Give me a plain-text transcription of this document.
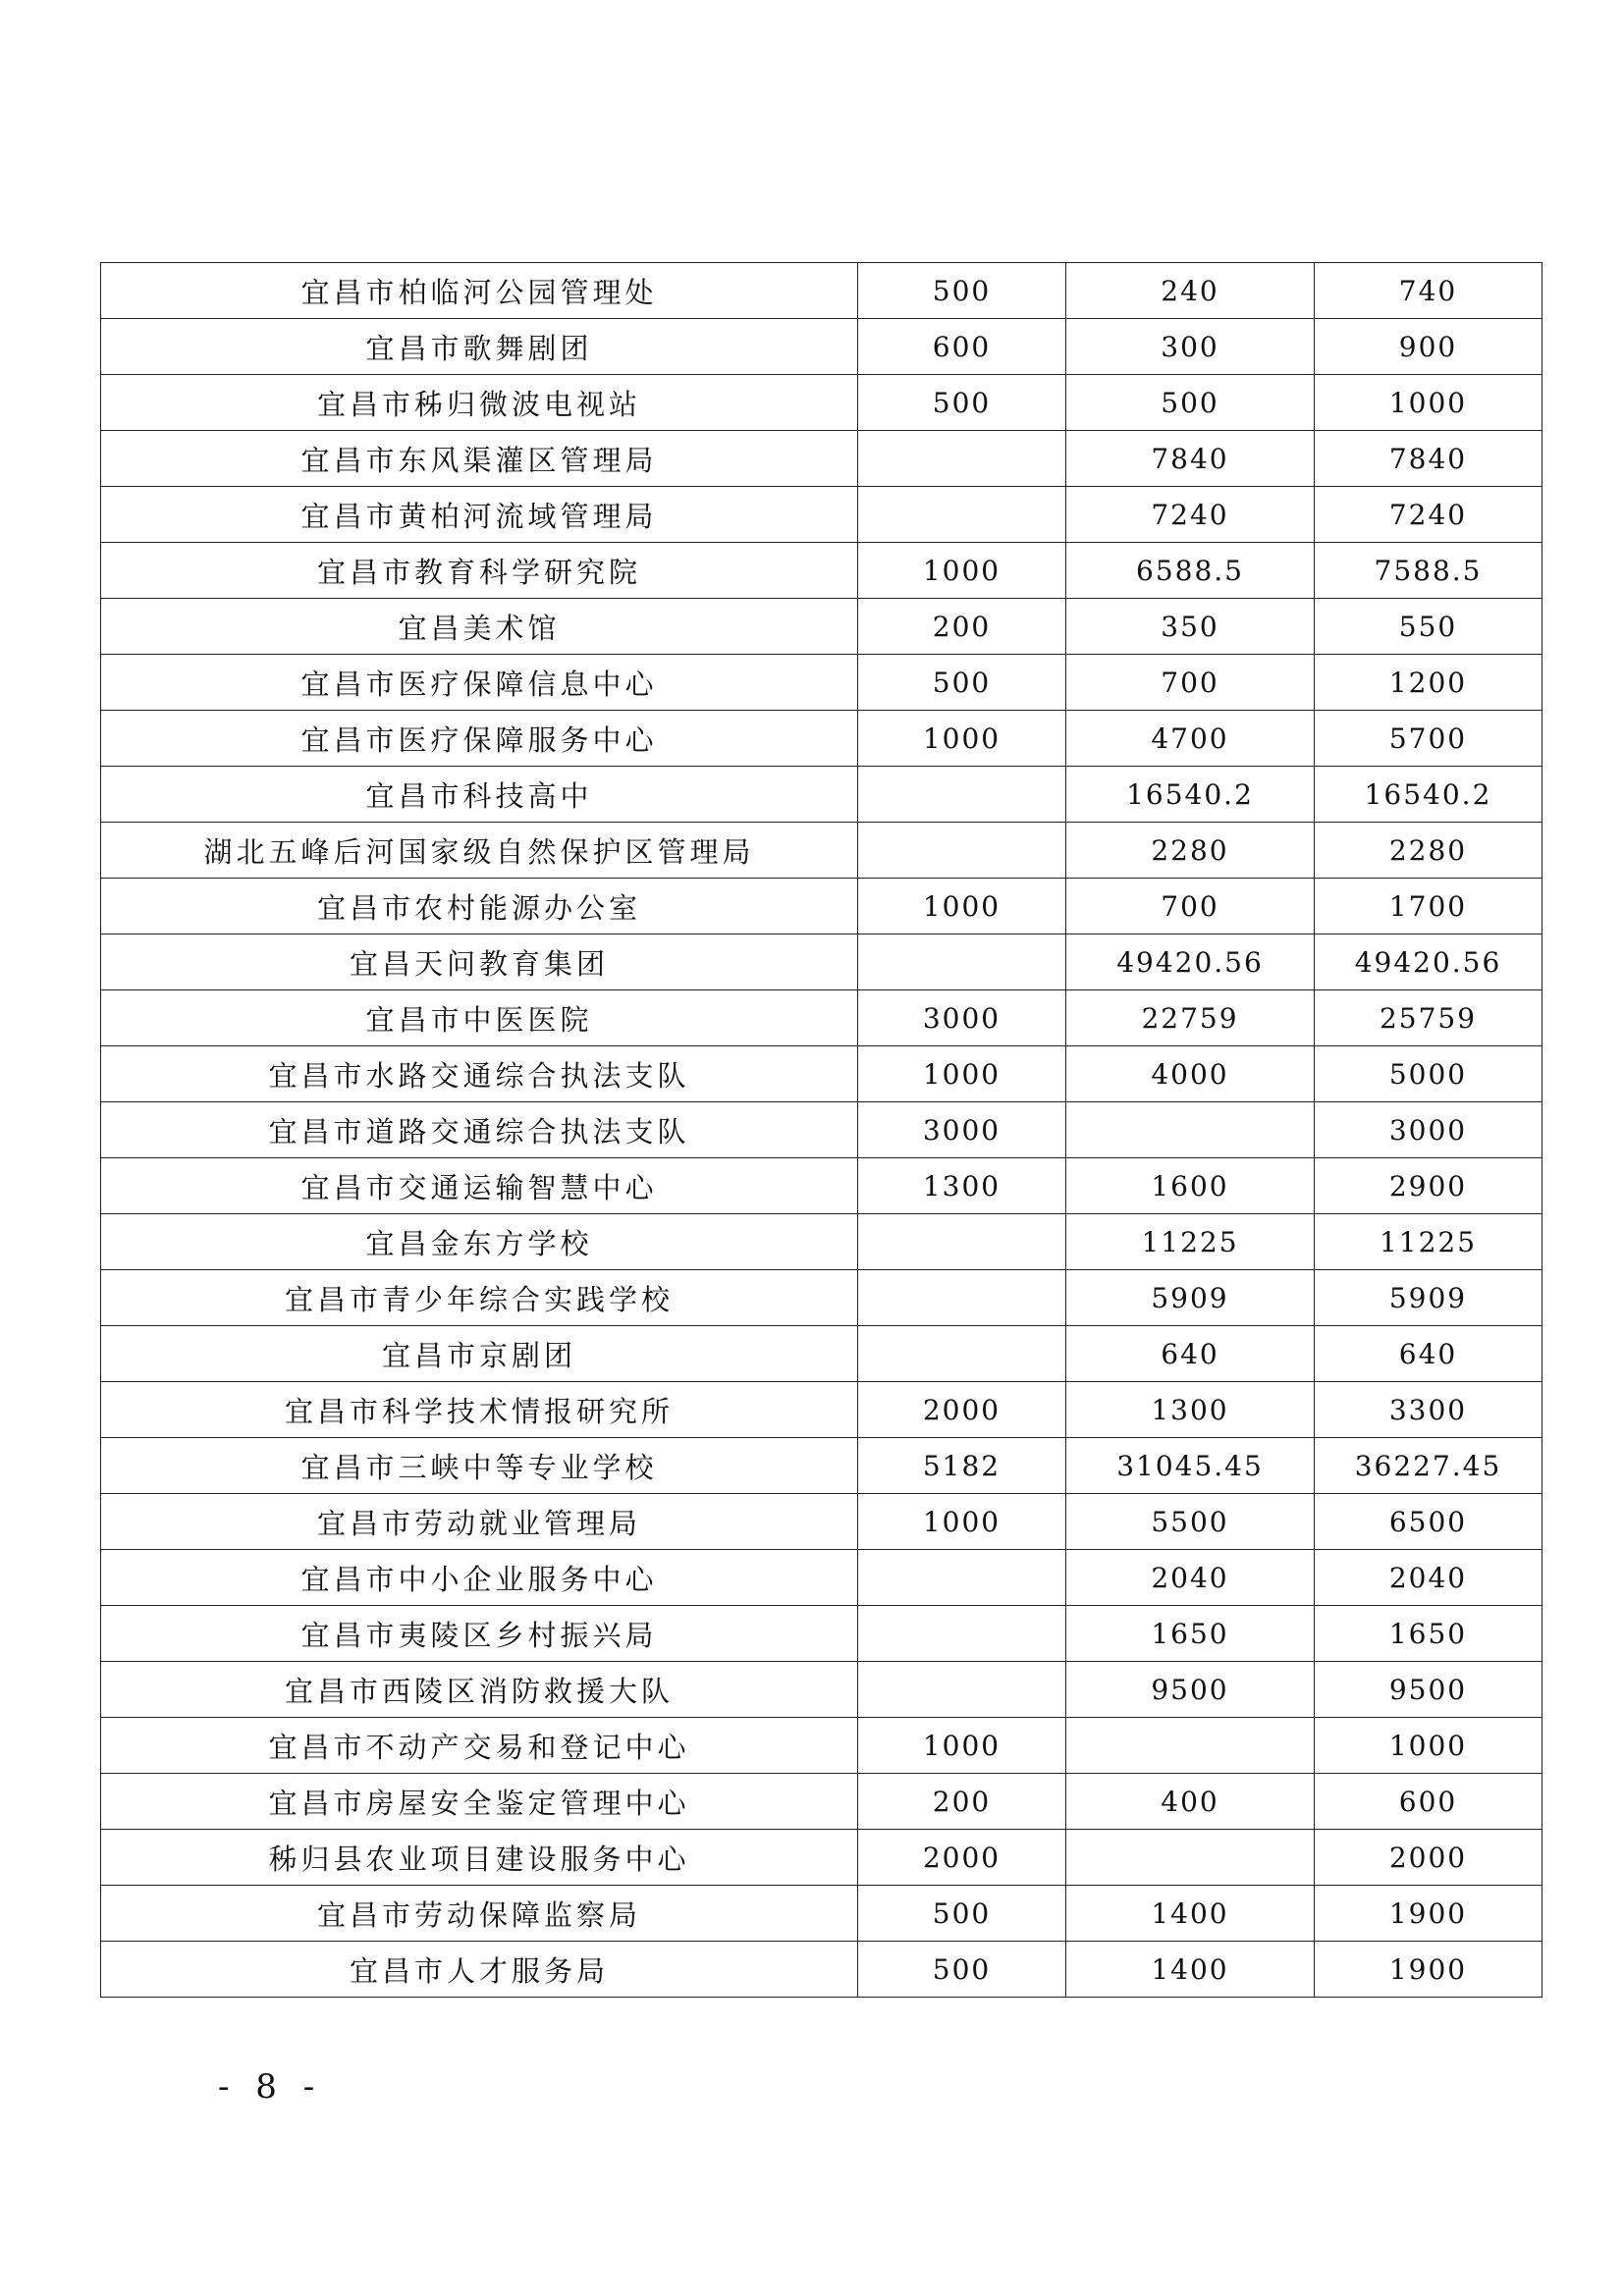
宜昌市柏临河公园管理处	500	240	740
宜昌市歌舞剧团	600	300	900
宜昌市秭归微波电视站	500	500	1000
宜昌市东风渠灌区管理局		7840	7840
宜昌市黄柏河流域管理局		7240	7240
宜昌市教育科学研究院	1000	6588.5	7588.5
宜昌美术馆	200	350	550
宜昌市医疗保障信息中心	500	700	1200
宜昌市医疗保障服务中心	1000	4700	5700
宜昌市科技高中		16540.2	16540.2
湖北五峰后河国家级自然保护区管理局		2280	2280
宜昌市农村能源办公室	1000	700	1700
宜昌天问教育集团		49420.56	49420.56
宜昌市中医医院	3000	22759	25759
宜昌市水路交通综合执法支队	1000	4000	5000
宜昌市道路交通综合执法支队	3000		3000
宜昌市交通运输智慧中心	1300	1600	2900
宜昌金东方学校		11225	11225
宜昌市青少年综合实践学校		5909	5909
宜昌市京剧团		640	640
宜昌市科学技术情报研究所	2000	1300	3300
宜昌市三峡中等专业学校	5182	31045.45	36227.45
宜昌市劳动就业管理局	1000	5500	6500
宜昌市中小企业服务中心		2040	2040
宜昌市夷陵区乡村振兴局		1650	1650
宜昌市西陵区消防救援大队		9500	9500
宜昌市不动产交易和登记中心	1000		1000
宜昌市房屋安全鉴定管理中心	200	400	600
秭归县农业项目建设服务中心	2000		2000
宜昌市劳动保障监察局	500	1400	1900
宜昌市人才服务局	500	1400	1900
- 8 -
